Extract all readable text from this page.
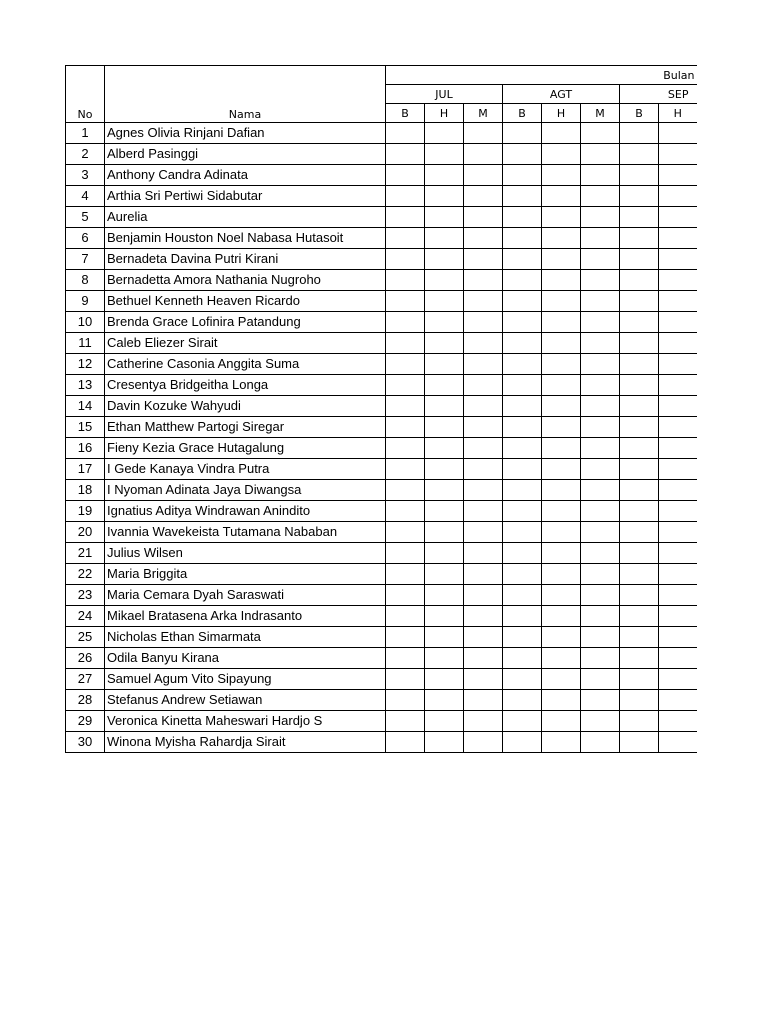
No	Nama	Bulan							
		JUL			AGT			SEP	
		B	H	M	B	H	M	B	H
1	Agnes Olivia Rinjani Dafian								
2	Alberd Pasinggi								
3	Anthony Candra Adinata								
4	Arthia Sri Pertiwi Sidabutar								
5	Aurelia								
6	Benjamin Houston Noel Nabasa Hutasoit								
7	Bernadeta Davina Putri Kirani								
8	Bernadetta Amora Nathania Nugroho								
9	Bethuel Kenneth Heaven Ricardo								
10	Brenda Grace Lofinira Patandung								
11	Caleb Eliezer Sirait								
12	Catherine Casonia Anggita Suma								
13	Cresentya Bridgeitha Longa								
14	Davin Kozuke Wahyudi								
15	Ethan Matthew Partogi Siregar								
16	Fieny Kezia Grace Hutagalung								
17	I Gede Kanaya Vindra Putra								
18	I Nyoman Adinata Jaya Diwangsa								
19	Ignatius Aditya Windrawan Anindito								
20	Ivannia Wavekeista Tutamana Nababan								
21	Julius Wilsen								
22	Maria Briggita								
23	Maria Cemara Dyah Saraswati								
24	Mikael Bratasena Arka Indrasanto								
25	Nicholas Ethan Simarmata								
26	Odila Banyu Kirana								
27	Samuel Agum Vito Sipayung								
28	Stefanus Andrew Setiawan								
29	Veronica Kinetta Maheswari Hardjo S								
30	Winona Myisha Rahardja Sirait								
